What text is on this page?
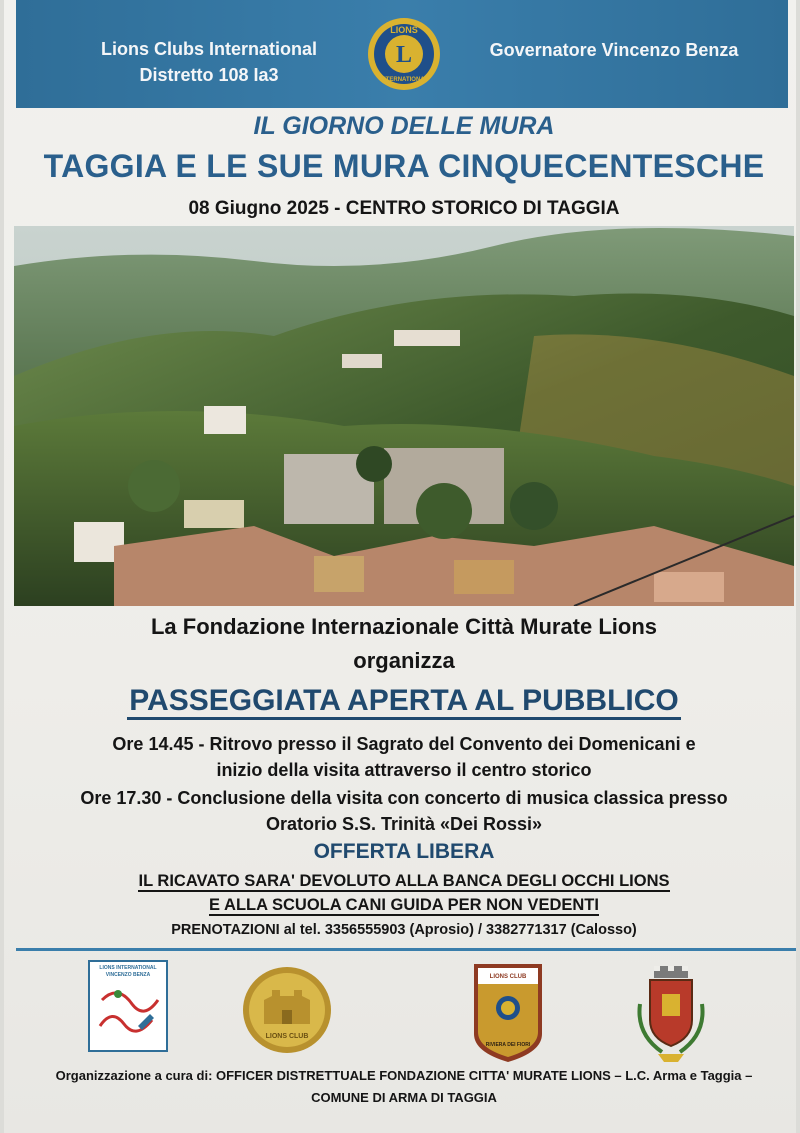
Lions Clubs International
Distretto 108 Ia3
LIONS
L
INTERNATIONAL
Governatore Vincenzo Benza
IL GIORNO DELLE MURA
TAGGIA E LE SUE MURA CINQUECENTESCHE
08 Giugno 2025 - CENTRO STORICO DI TAGGIA
La Fondazione Internazionale Città Murate Lions
organizza
PASSEGGIATA APERTA AL PUBBLICO
Ore 14.45 - Ritrovo presso il Sagrato del Convento dei Domenicani e
inizio della visita attraverso il centro storico
Ore 17.30 - Conclusione della visita con concerto di musica classica presso
Oratorio S.S. Trinità «Dei Rossi»
OFFERTA LIBERA
IL RICAVATO SARA' DEVOLUTO ALLA BANCA DEGLI OCCHI LIONS
E ALLA SCUOLA CANI GUIDA PER NON VEDENTI
PRENOTAZIONI al tel. 3356555903 (Aprosio) / 3382771317 (Calosso)
LIONS INTERNATIONAL
VINCENZO BENZA
LIONS CLUB
LIONS CLUB
RIVIERA DEI FIORI
Organizzazione a cura di: OFFICER DISTRETTUALE FONDAZIONE CITTA' MURATE LIONS – L.C. Arma e Taggia –
COMUNE DI ARMA DI TAGGIA
